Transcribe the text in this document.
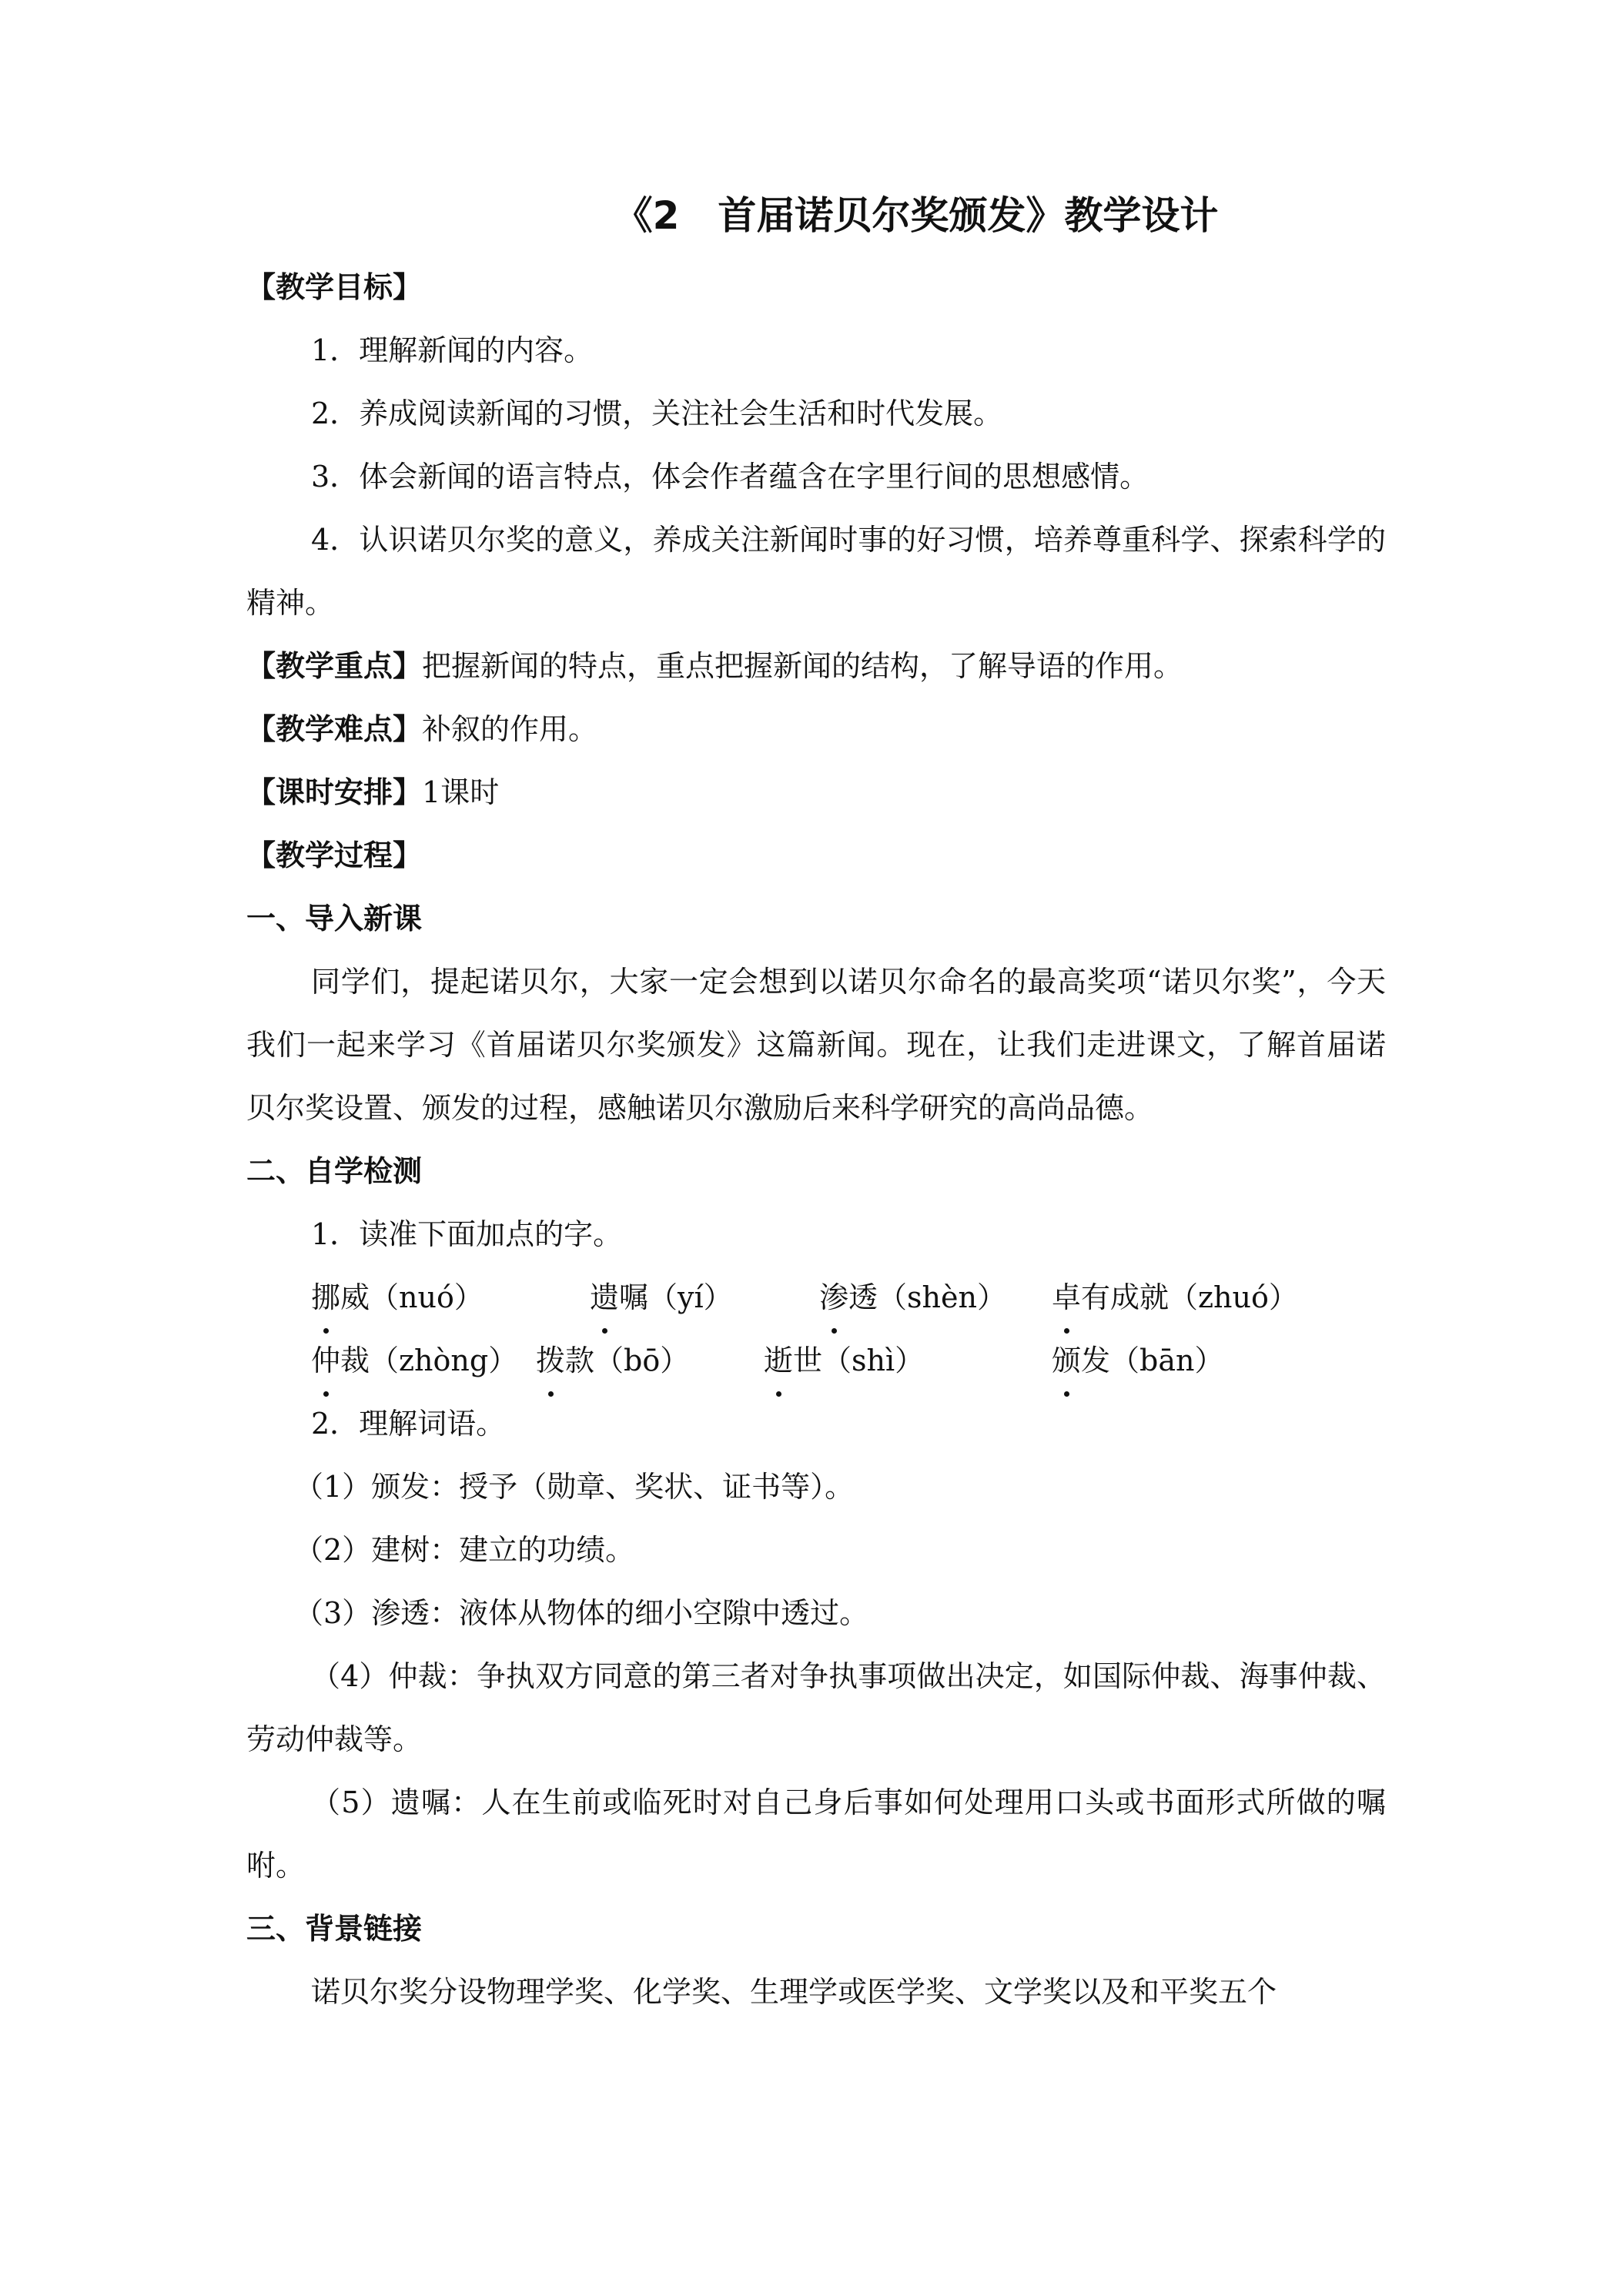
《2　首届诺贝尔奖颁发》教学设计

【教学目标】

1．理解新闻的内容。

2．养成阅读新闻的习惯，关注社会生活和时代发展。

3．体会新闻的语言特点，体会作者蕴含在字里行间的思想感情。

4．认识诺贝尔奖的意义，养成关注新闻时事的好习惯，培养尊重科学、探索科学的精神。

【教学重点】把握新闻的特点，重点把握新闻的结构，了解导语的作用。

【教学难点】补叙的作用。

【课时安排】1课时

【教学过程】

一、导入新课

同学们，提起诺贝尔，大家一定会想到以诺贝尔命名的最高奖项“诺贝尔奖”，今天我们一起来学习《首届诺贝尔奖颁发》这篇新闻。现在，让我们走进课文，了解首届诺贝尔奖设置、颁发的过程，感触诺贝尔激励后来科学研究的高尚品德。

二、自学检测

1．读准下面加点的字。

挪威（nuó）	遗嘱（yí）	渗透（shèn） 卓有成就（zhuó）
仲裁（zhòng） 拨款（bō）	逝世（shì）	颁发（bān）

2．理解词语。

（1）颁发：授予（勋章、奖状、证书等）。

（2）建树：建立的功绩。

（3）渗透：液体从物体的细小空隙中透过。

（4）仲裁：争执双方同意的第三者对争执事项做出决定，如国际仲裁、海事仲裁、劳动仲裁等。

（5）遗嘱：人在生前或临死时对自己身后事如何处理用口头或书面形式所做的嘱咐。

三、背景链接

诺贝尔奖分设物理学奖、化学奖、生理学或医学奖、文学奖以及和平奖五个
